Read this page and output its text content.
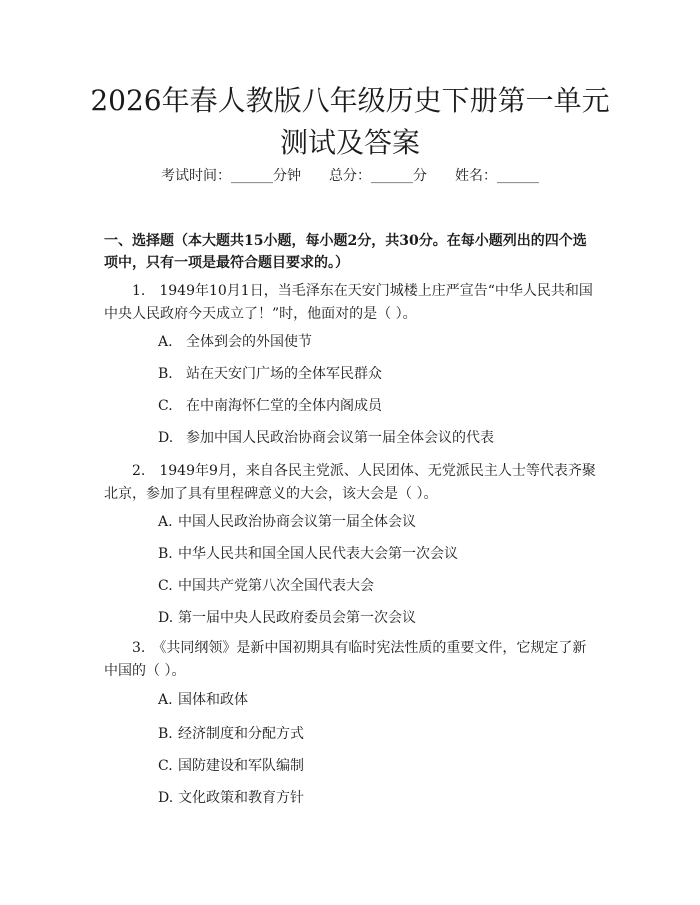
2026年春人教版八年级历史下册第一单元测试及答案
考试时间：______分钟 总分：______分 姓名：______
一、选择题（本大题共15小题，每小题2分，共30分。在每小题列出的四个选项中，只有一项是最符合题目要求的。）
1.　1949年10月1日，当毛泽东在天安门城楼上庄严宣告“中华人民共和国中央人民政府今天成立了！”时，他面对的是（ ）。
A. 全体到会的外国使节
B. 站在天安门广场的全体军民群众
C. 在中南海怀仁堂的全体内阁成员
D. 参加中国人民政治协商会议第一届全体会议的代表
2.　1949年9月，来自各民主党派、人民团体、无党派民主人士等代表齐聚北京，参加了具有里程碑意义的大会，该大会是（ ）。
A. 中国人民政治协商会议第一届全体会议
B. 中华人民共和国全国人民代表大会第一次会议
C. 中国共产党第八次全国代表大会
D. 第一届中央人民政府委员会第一次会议
3.　《共同纲领》是新中国初期具有临时宪法性质的重要文件，它规定了新中国的（ ）。
A. 国体和政体
B. 经济制度和分配方式
C. 国防建设和军队编制
D. 文化政策和教育方针
